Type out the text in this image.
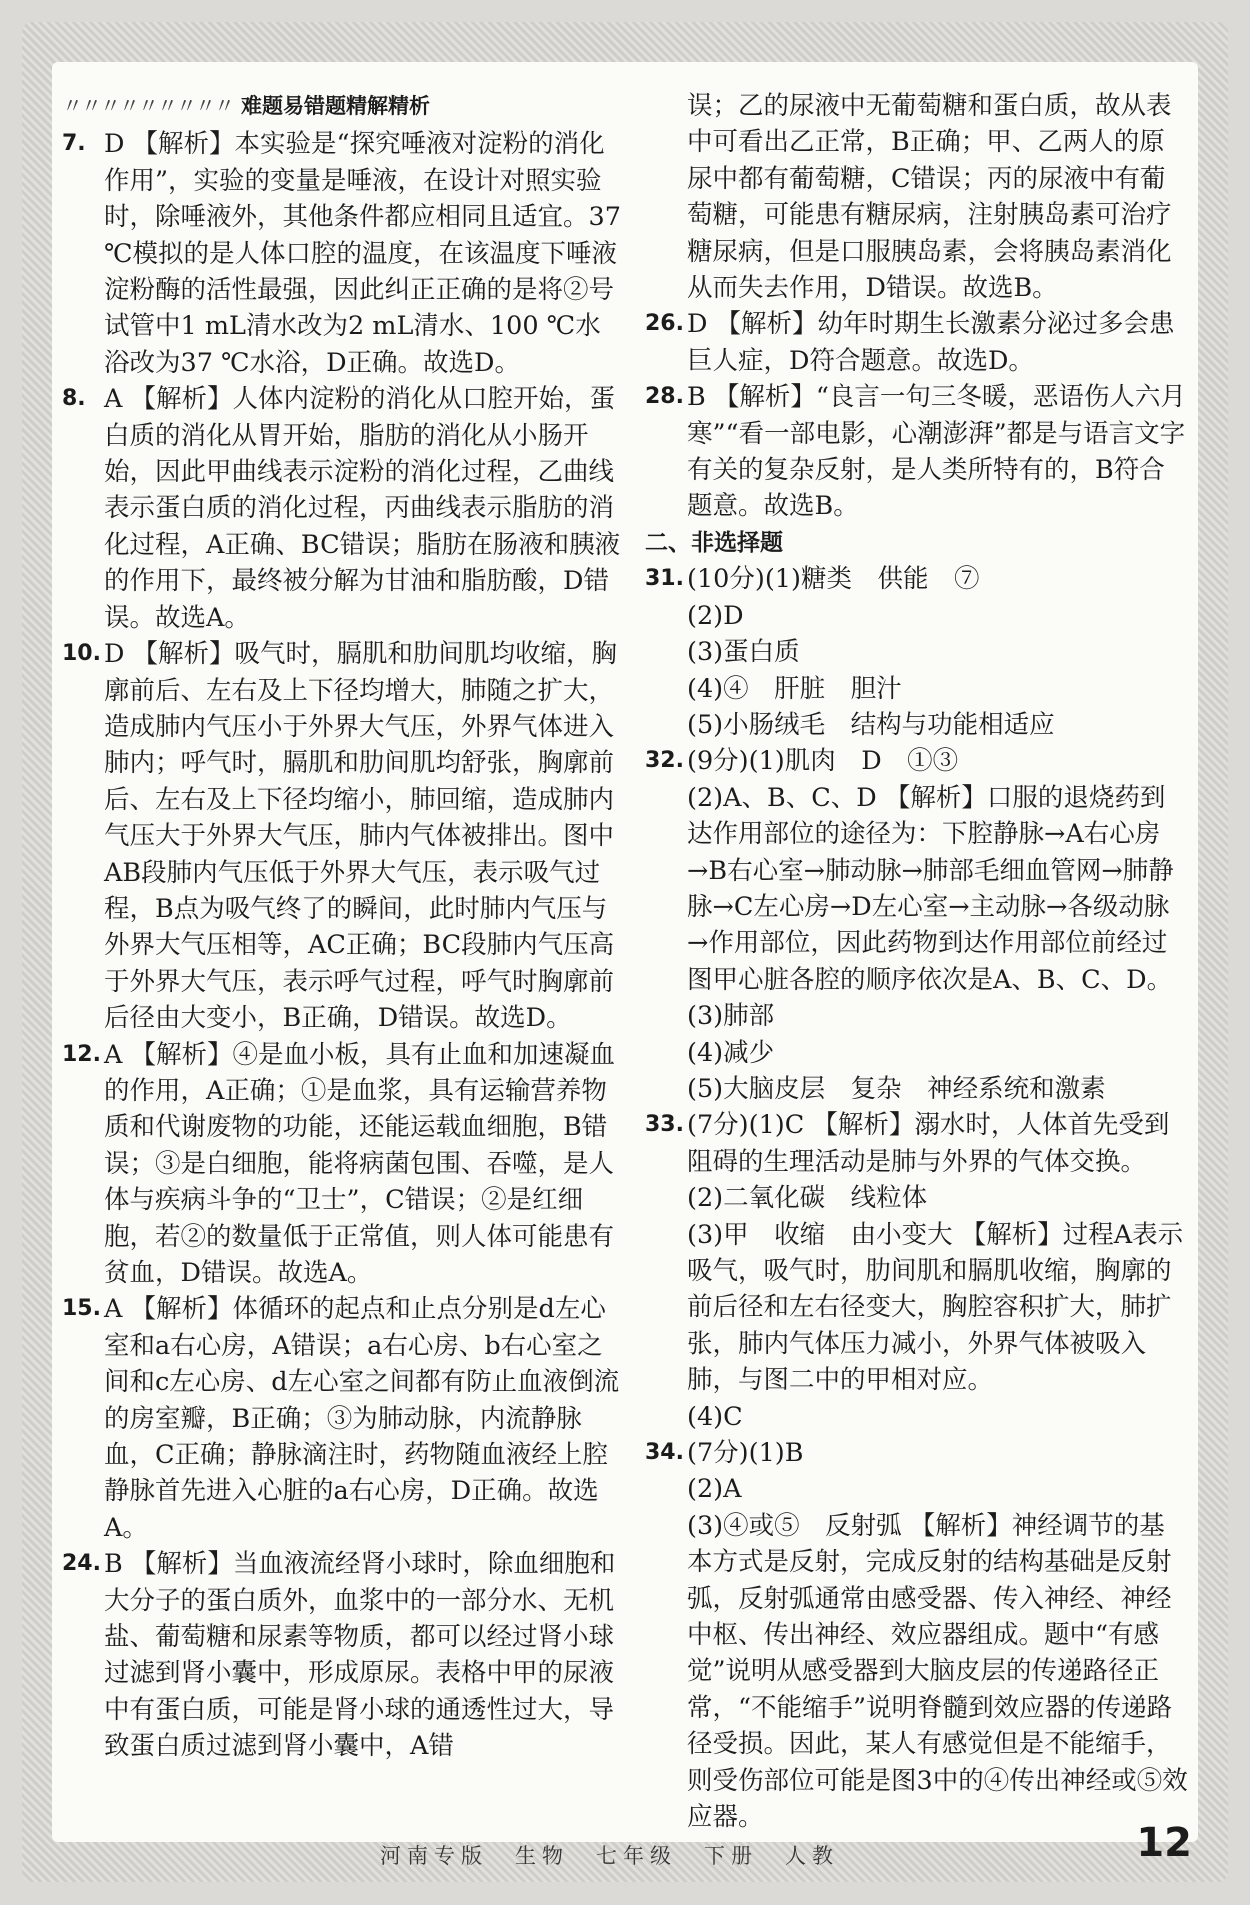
〃〃〃〃〃〃〃〃〃 难题易错题精解精析
7. D 【解析】本实验是“探究唾液对淀粉的消化作用”，实验的变量是唾液，在设计对照实验时，除唾液外，其他条件都应相同且适宜。37 ℃模拟的是人体口腔的温度，在该温度下唾液淀粉酶的活性最强，因此纠正正确的是将②号试管中1 mL清水改为2 mL清水、100 ℃水浴改为37 ℃水浴，D正确。故选D。
8. A 【解析】人体内淀粉的消化从口腔开始，蛋白质的消化从胃开始，脂肪的消化从小肠开始，因此甲曲线表示淀粉的消化过程，乙曲线表示蛋白质的消化过程，丙曲线表示脂肪的消化过程，A正确、BC错误；脂肪在肠液和胰液的作用下，最终被分解为甘油和脂肪酸，D错误。故选A。
10. D 【解析】吸气时，膈肌和肋间肌均收缩，胸廓前后、左右及上下径均增大，肺随之扩大，造成肺内气压小于外界大气压，外界气体进入肺内；呼气时，膈肌和肋间肌均舒张，胸廓前后、左右及上下径均缩小，肺回缩，造成肺内气压大于外界大气压，肺内气体被排出。图中AB段肺内气压低于外界大气压，表示吸气过程，B点为吸气终了的瞬间，此时肺内气压与外界大气压相等，AC正确；BC段肺内气压高于外界大气压，表示呼气过程，呼气时胸廓前后径由大变小，B正确，D错误。故选D。
12. A 【解析】④是血小板，具有止血和加速凝血的作用，A正确；①是血浆，具有运输营养物质和代谢废物的功能，还能运载血细胞，B错误；③是白细胞，能将病菌包围、吞噬，是人体与疾病斗争的“卫士”，C错误；②是红细胞，若②的数量低于正常值，则人体可能患有贫血，D错误。故选A。
15. A 【解析】体循环的起点和止点分别是d左心室和a右心房，A错误；a右心房、b右心室之间和c左心房、d左心室之间都有防止血液倒流的房室瓣，B正确；③为肺动脉，内流静脉血，C正确；静脉滴注时，药物随血液经上腔静脉首先进入心脏的a右心房，D正确。故选A。
24. B 【解析】当血液流经肾小球时，除血细胞和大分子的蛋白质外，血浆中的一部分水、无机盐、葡萄糖和尿素等物质，都可以经过肾小球过滤到肾小囊中，形成原尿。表格中甲的尿液中有蛋白质，可能是肾小球的通透性过大，导致蛋白质过滤到肾小囊中，A错
误；乙的尿液中无葡萄糖和蛋白质，故从表中可看出乙正常，B正确；甲、乙两人的原尿中都有葡萄糖，C错误；丙的尿液中有葡萄糖，可能患有糖尿病，注射胰岛素可治疗糖尿病，但是口服胰岛素，会将胰岛素消化从而失去作用，D错误。故选B。
26. D 【解析】幼年时期生长激素分泌过多会患巨人症，D符合题意。故选D。
28. B 【解析】“良言一句三冬暖，恶语伤人六月寒”“看一部电影，心潮澎湃”都是与语言文字有关的复杂反射，是人类所特有的，B符合题意。故选B。
二、非选择题
31. (10分)(1)糖类　供能　⑦
(2)D
(3)蛋白质
(4)④　肝脏　胆汁
(5)小肠绒毛　结构与功能相适应
32. (9分)(1)肌肉　D　①③
(2)A、B、C、D 【解析】口服的退烧药到达作用部位的途径为：下腔静脉→A右心房→B右心室→肺动脉→肺部毛细血管网→肺静脉→C左心房→D左心室→主动脉→各级动脉→作用部位，因此药物到达作用部位前经过图甲心脏各腔的顺序依次是A、B、C、D。
(3)肺部
(4)减少
(5)大脑皮层　复杂　神经系统和激素
33. (7分)(1)C 【解析】溺水时，人体首先受到阻碍的生理活动是肺与外界的气体交换。
(2)二氧化碳　线粒体
(3)甲　收缩　由小变大 【解析】过程A表示吸气，吸气时，肋间肌和膈肌收缩，胸廓的前后径和左右径变大，胸腔容积扩大，肺扩张，肺内气体压力减小，外界气体被吸入肺，与图二中的甲相对应。
(4)C
34. (7分)(1)B
(2)A
(3)④或⑤　反射弧 【解析】神经调节的基本方式是反射，完成反射的结构基础是反射弧，反射弧通常由感受器、传入神经、神经中枢、传出神经、效应器组成。题中“有感觉”说明从感受器到大脑皮层的传递路径正常，“不能缩手”说明脊髓到效应器的传递路径受损。因此，某人有感觉但是不能缩手，则受伤部位可能是图3中的④传出神经或⑤效应器。
河南专版　生物　七年级　下册　人教	12
